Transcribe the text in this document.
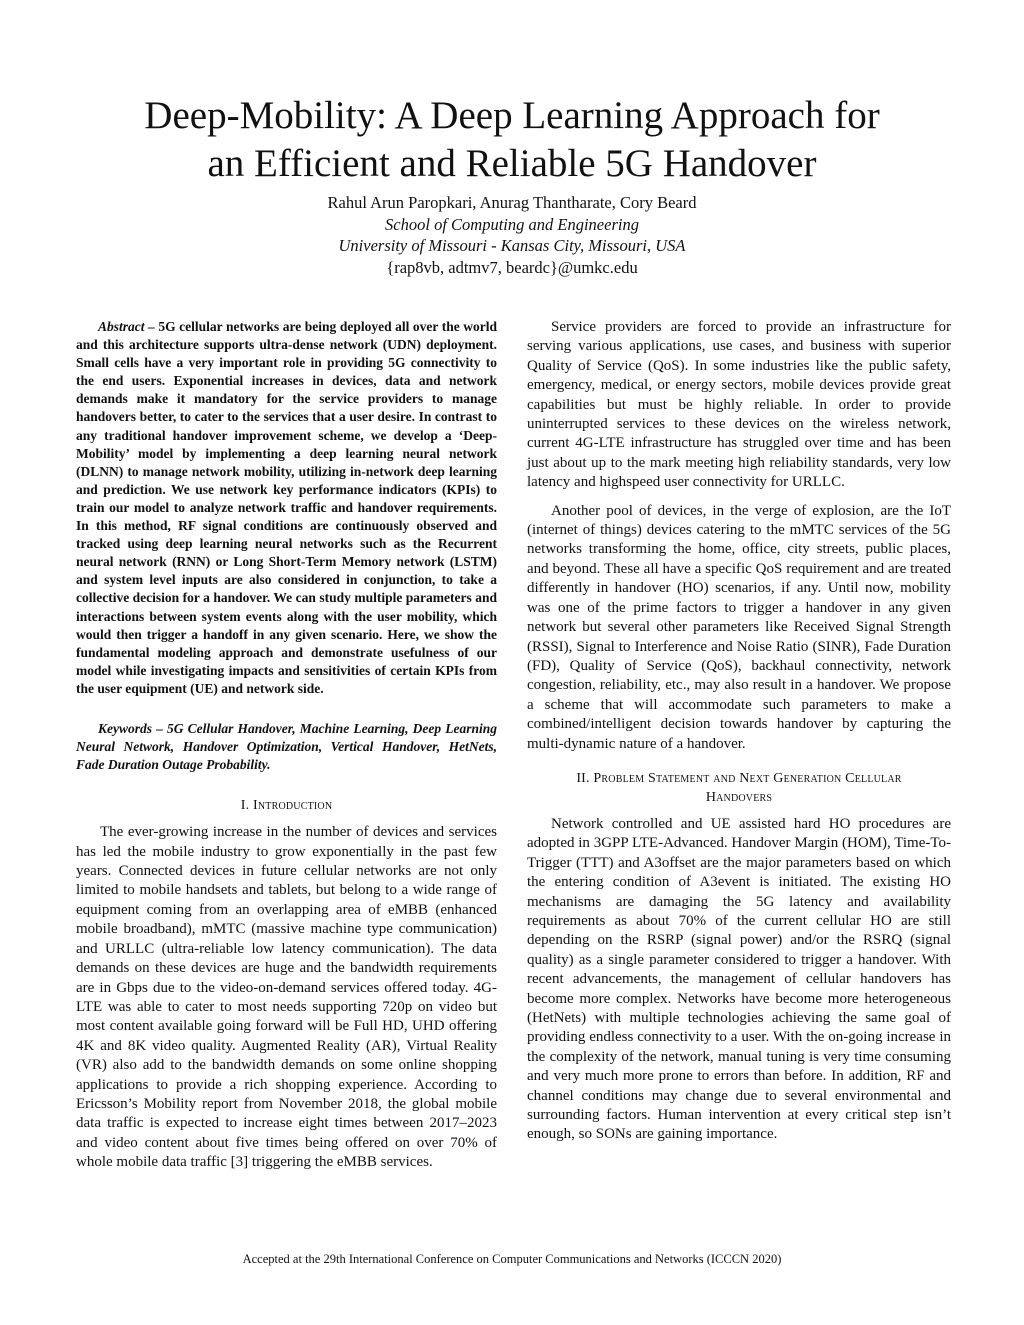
Deep-Mobility: A Deep Learning Approach for
an Efficient and Reliable 5G Handover
Rahul Arun Paropkari, Anurag Thantharate, Cory Beard
School of Computing and Engineering
University of Missouri - Kansas City, Missouri, USA
{rap8vb, adtmv7, beardc}@umkc.edu

Abstract – 5G cellular networks are being deployed all over the world and this architecture supports ultra-dense network (UDN) deployment. Small cells have a very important role in providing 5G connectivity to the end users. Exponential increases in devices, data and network demands make it mandatory for the service providers to manage handovers better, to cater to the services that a user desire. In contrast to any traditional handover improvement scheme, we develop a ‘Deep-Mobility’ model by implementing a deep learning neural network (DLNN) to manage network mobility, utilizing in-network deep learning and prediction. We use network key performance indicators (KPIs) to train our model to analyze network traffic and handover requirements. In this method, RF signal conditions are continuously observed and tracked using deep learning neural networks such as the Recurrent neural network (RNN) or Long Short-Term Memory network (LSTM) and system level inputs are also considered in conjunction, to take a collective decision for a handover. We can study multiple parameters and interactions between system events along with the user mobility, which would then trigger a handoff in any given scenario. Here, we show the fundamental modeling approach and demonstrate usefulness of our model while investigating impacts and sensitivities of certain KPIs from the user equipment (UE) and network side.

Keywords – 5G Cellular Handover, Machine Learning, Deep Learning Neural Network, Handover Optimization, Vertical Handover, HetNets, Fade Duration Outage Probability.

I. Introduction

The ever-growing increase in the number of devices and services has led the mobile industry to grow exponentially in the past few years. Connected devices in future cellular networks are not only limited to mobile handsets and tablets, but belong to a wide range of equipment coming from an overlapping area of eMBB (enhanced mobile broadband), mMTC (massive machine type communication) and URLLC (ultra-reliable low latency communication). The data demands on these devices are huge and the bandwidth requirements are in Gbps due to the video-on-demand services offered today. 4G-LTE was able to cater to most needs supporting 720p on video but most content available going forward will be Full HD, UHD offering 4K and 8K video quality. Augmented Reality (AR), Virtual Reality (VR) also add to the bandwidth demands on some online shopping applications to provide a rich shopping experience. According to Ericsson’s Mobility report from November 2018, the global mobile data traffic is expected to increase eight times between 2017–2023 and video content about five times being offered on over 70% of whole mobile data traffic [3] triggering the eMBB services.

Service providers are forced to provide an infrastructure for serving various applications, use cases, and business with superior Quality of Service (QoS). In some industries like the public safety, emergency, medical, or energy sectors, mobile devices provide great capabilities but must be highly reliable. In order to provide uninterrupted services to these devices on the wireless network, current 4G-LTE infrastructure has struggled over time and has been just about up to the mark meeting high reliability standards, very low latency and highspeed user connectivity for URLLC.

Another pool of devices, in the verge of explosion, are the IoT (internet of things) devices catering to the mMTC services of the 5G networks transforming the home, office, city streets, public places, and beyond. These all have a specific QoS requirement and are treated differently in handover (HO) scenarios, if any. Until now, mobility was one of the prime factors to trigger a handover in any given network but several other parameters like Received Signal Strength (RSSI), Signal to Interference and Noise Ratio (SINR), Fade Duration (FD), Quality of Service (QoS), backhaul connectivity, network congestion, reliability, etc., may also result in a handover. We propose a scheme that will accommodate such parameters to make a combined/intelligent decision towards handover by capturing the multi-dynamic nature of a handover.

II. Problem Statement and Next Generation Cellular
Handovers

Network controlled and UE assisted hard HO procedures are adopted in 3GPP LTE-Advanced. Handover Margin (HOM), Time-To-Trigger (TTT) and A3offset are the major parameters based on which the entering condition of A3event is initiated. The existing HO mechanisms are damaging the 5G latency and availability requirements as about 70% of the current cellular HO are still depending on the RSRP (signal power) and/or the RSRQ (signal quality) as a single parameter considered to trigger a handover. With recent advancements, the management of cellular handovers has become more complex. Networks have become more heterogeneous (HetNets) with multiple technologies achieving the same goal of providing endless connectivity to a user. With the on-going increase in the complexity of the network, manual tuning is very time consuming and very much more prone to errors than before. In addition, RF and channel conditions may change due to several environmental and surrounding factors. Human intervention at every critical step isn’t enough, so SONs are gaining importance.

Accepted at the 29th International Conference on Computer Communications and Networks (ICCCN 2020)
